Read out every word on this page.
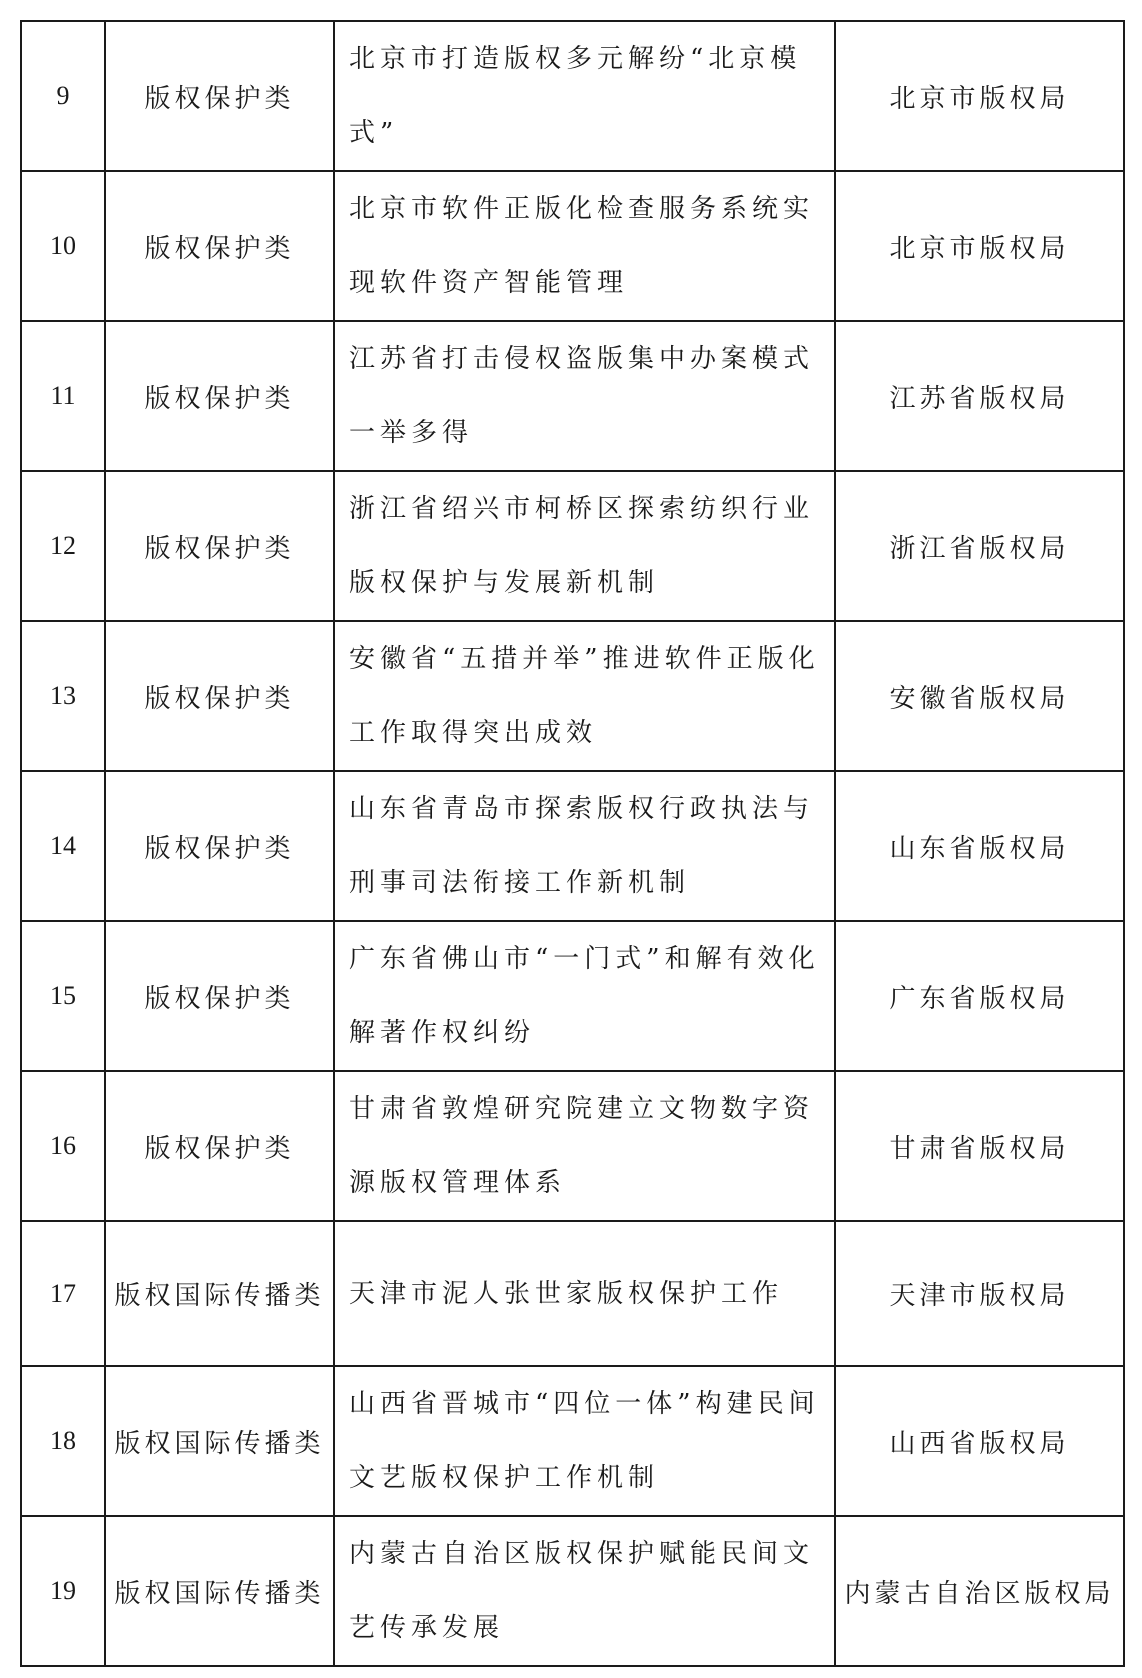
9	版权保护类	北京市打造版权多元解纷“北京模式”	北京市版权局
10	版权保护类	北京市软件正版化检查服务系统实现软件资产智能管理	北京市版权局
11	版权保护类	江苏省打击侵权盗版集中办案模式一举多得	江苏省版权局
12	版权保护类	浙江省绍兴市柯桥区探索纺织行业版权保护与发展新机制	浙江省版权局
13	版权保护类	安徽省“五措并举”推进软件正版化工作取得突出成效	安徽省版权局
14	版权保护类	山东省青岛市探索版权行政执法与刑事司法衔接工作新机制	山东省版权局
15	版权保护类	广东省佛山市“一门式”和解有效化解著作权纠纷	广东省版权局
16	版权保护类	甘肃省敦煌研究院建立文物数字资源版权管理体系	甘肃省版权局
17	版权国际传播类	天津市泥人张世家版权保护工作	天津市版权局
18	版权国际传播类	山西省晋城市“四位一体”构建民间文艺版权保护工作机制	山西省版权局
19	版权国际传播类	内蒙古自治区版权保护赋能民间文艺传承发展	内蒙古自治区版权局
